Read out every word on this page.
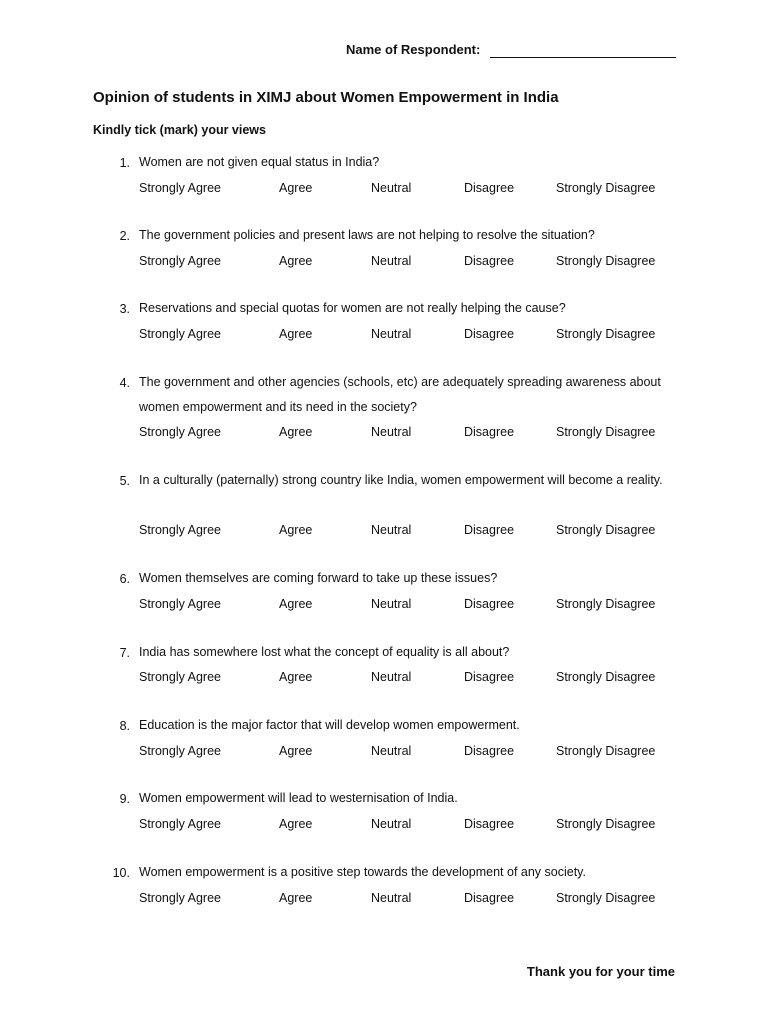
Name of Respondent:
Opinion of students in XIMJ about Women Empowerment in India
Kindly tick (mark) your views
1. Women are not given equal status in India?
Strongly Agree	Agree	Neutral	Disagree	Strongly Disagree
2. The government policies and present laws are not helping to resolve the situation?
Strongly Agree	Agree	Neutral	Disagree	Strongly Disagree
3. Reservations and special quotas for women are not really helping the cause?
Strongly Agree	Agree	Neutral	Disagree	Strongly Disagree
4. The government and other agencies (schools, etc) are adequately spreading awareness about women empowerment and its need in the society?
Strongly Agree	Agree	Neutral	Disagree	Strongly Disagree
5. In a culturally (paternally) strong country like India, women empowerment will become a reality.
Strongly Agree	Agree	Neutral	Disagree	Strongly Disagree
6. Women themselves are coming forward to take up these issues?
Strongly Agree	Agree	Neutral	Disagree	Strongly Disagree
7. India has somewhere lost what the concept of equality is all about?
Strongly Agree	Agree	Neutral	Disagree	Strongly Disagree
8. Education is the major factor that will develop women empowerment.
Strongly Agree	Agree	Neutral	Disagree	Strongly Disagree
9. Women empowerment will lead to westernisation of India.
Strongly Agree	Agree	Neutral	Disagree	Strongly Disagree
10. Women empowerment is a positive step towards the development of any society.
Strongly Agree	Agree	Neutral	Disagree	Strongly Disagree
Thank you for your time
